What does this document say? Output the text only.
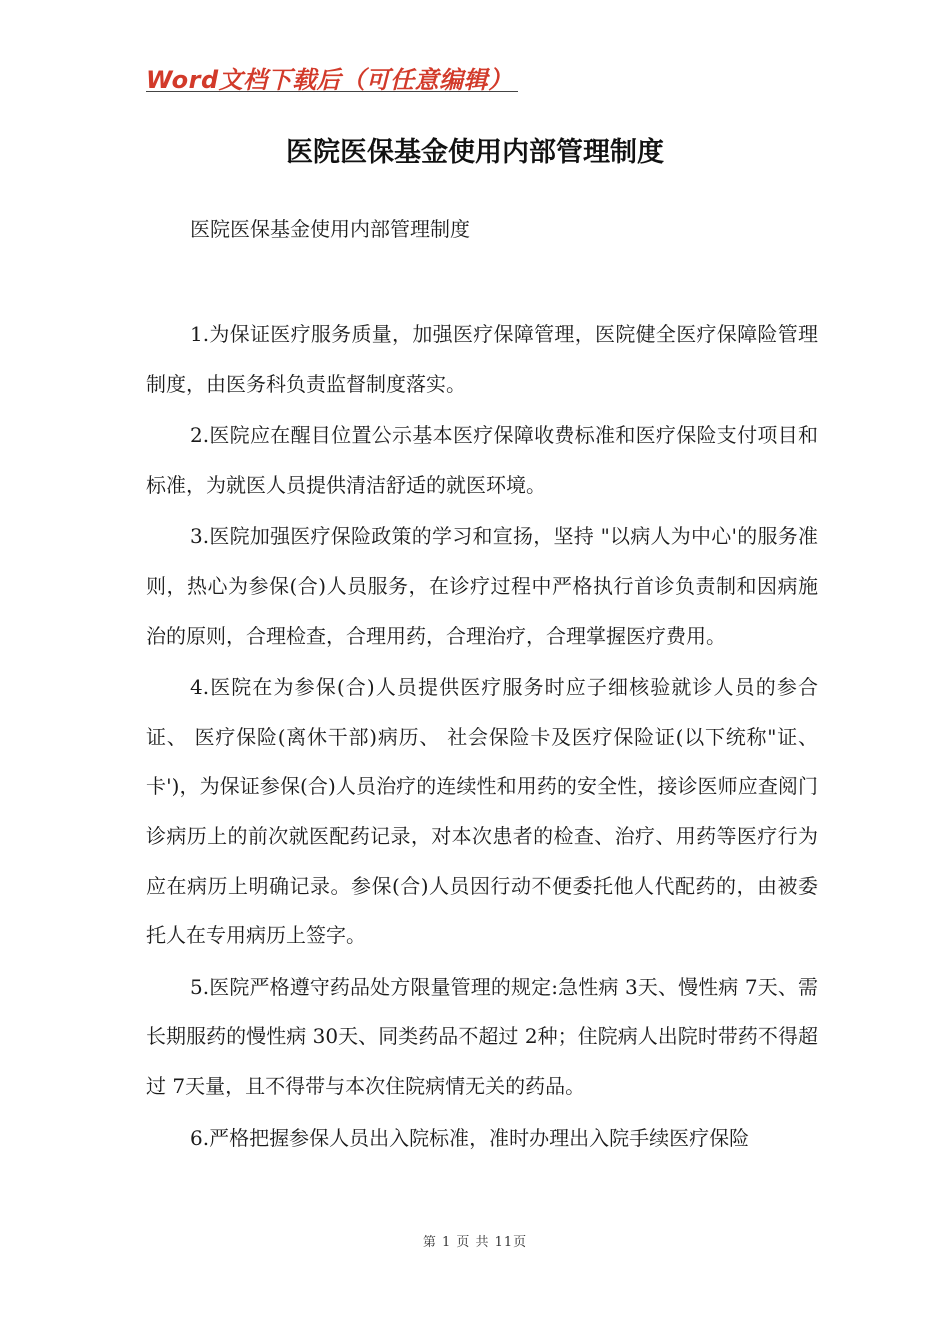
Word文档下载后（可任意编辑）
医院医保基金使用内部管理制度
医院医保基金使用内部管理制度

1.为保证医疗服务质量，加强医疗保障管理，医院健全医疗保障险管理制度，由医务科负责监督制度落实。

2.医院应在醒目位置公示基本医疗保障收费标准和医疗保险支付项目和标准，为就医人员提供清洁舒适的就医环境。

3.医院加强医疗保险政策的学习和宣扬，坚持 "以病人为中心'的服务准则，热心为参保(合)人员服务，在诊疗过程中严格执行首诊负责制和因病施治的原则，合理检查，合理用药，合理治疗，合理掌握医疗费用。

4.医院在为参保(合)人员提供医疗服务时应子细核验就诊人员的参合证、 医疗保险(离休干部)病历、 社会保险卡及医疗保险证(以下统称"证、卡')，为保证参保(合)人员治疗的连续性和用药的安全性，接诊医师应查阅门诊病历上的前次就医配药记录，对本次患者的检查、治疗、用药等医疗行为应在病历上明确记录。参保(合)人员因行动不便委托他人代配药的，由被委托人在专用病历上签字。

5.医院严格遵守药品处方限量管理的规定:急性病 3天、慢性病 7天、需长期服药的慢性病 30天、同类药品不超过 2种；住院病人出院时带药不得超过 7天量，且不得带与本次住院病情无关的药品。

6.严格把握参保人员出入院标准，准时办理出入院手续医疗保险

第 1 页 共 11页
